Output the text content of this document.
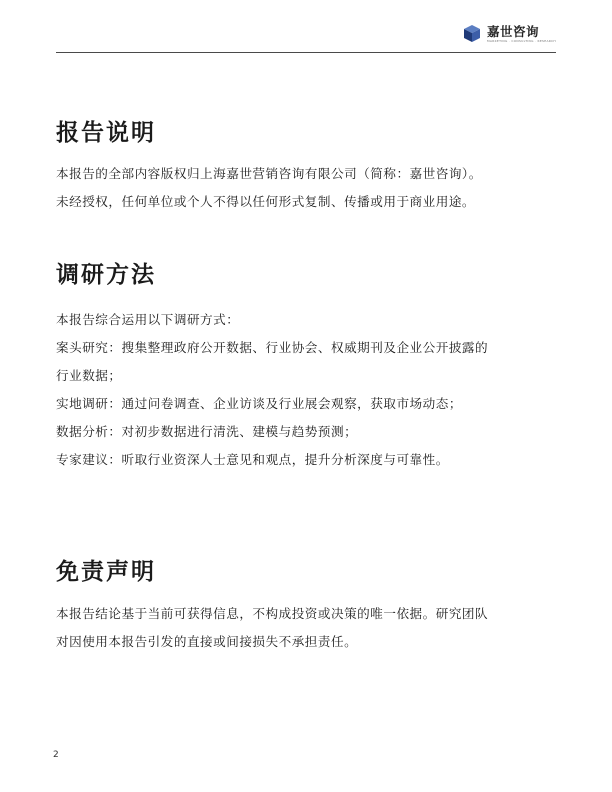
嘉世咨询
MARKETING · CONSULTING · RESEARCH
报告说明
本报告的全部内容版权归上海嘉世营销咨询有限公司（简称：嘉世咨询）。
未经授权，任何单位或个人不得以任何形式复制、传播或用于商业用途。
调研方法
本报告综合运用以下调研方式：
案头研究：搜集整理政府公开数据、行业协会、权威期刊及企业公开披露的
行业数据；
实地调研：通过问卷调查、企业访谈及行业展会观察，获取市场动态；
数据分析：对初步数据进行清洗、建模与趋势预测；
专家建议：听取行业资深人士意见和观点，提升分析深度与可靠性。
免责声明
本报告结论基于当前可获得信息，不构成投资或决策的唯一依据。研究团队
对因使用本报告引发的直接或间接损失不承担责任。
2
